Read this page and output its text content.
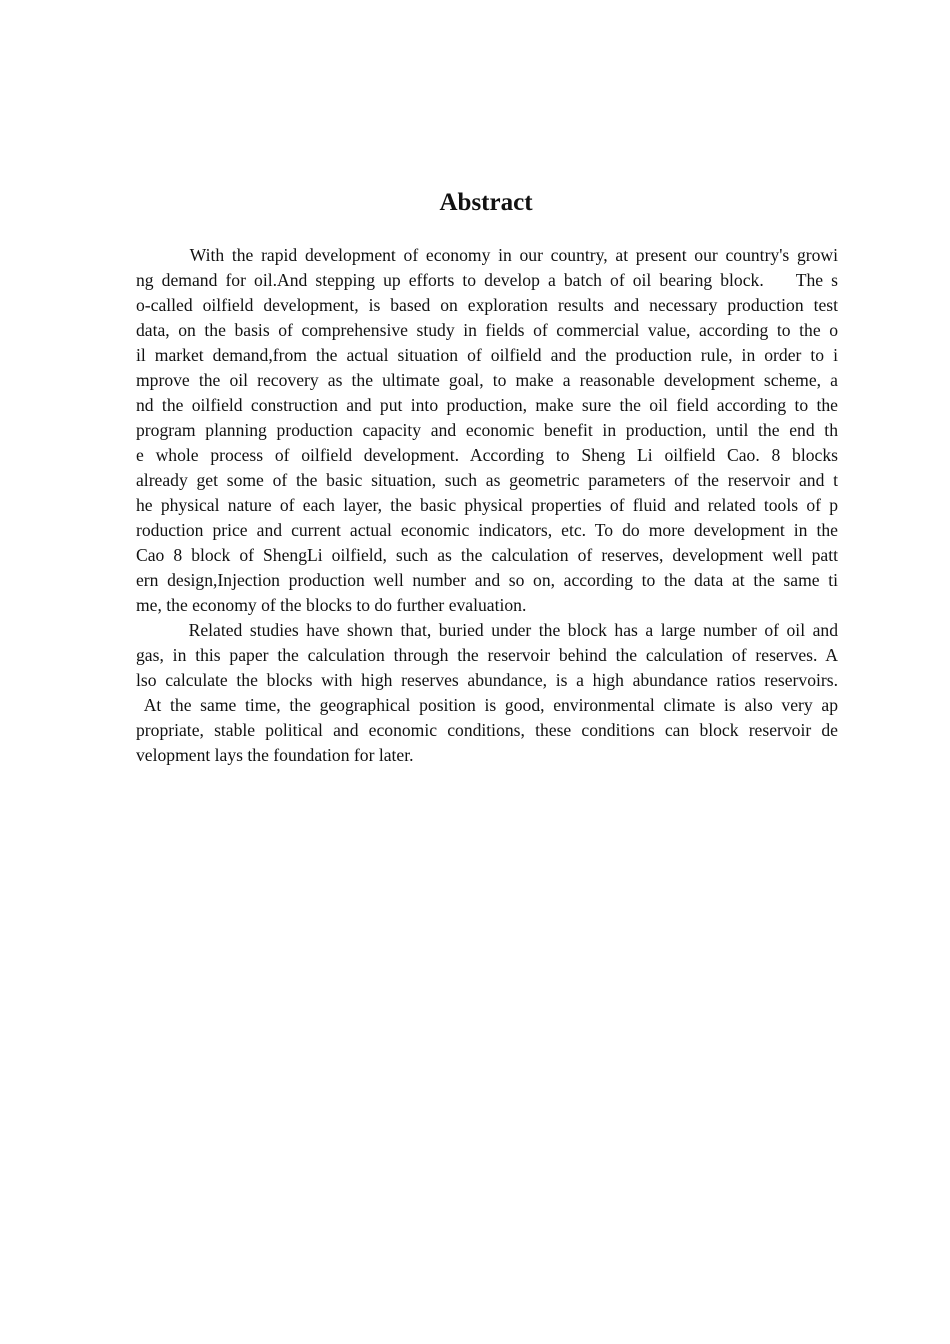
Abstract
With the rapid development of economy in our country, at present our country's growi
ng demand for oil.And stepping up efforts to develop a batch of oil bearing block.    The s
o-called oilfield development, is based on exploration results and necessary production test
data, on the basis of comprehensive study in fields of commercial value, according to the o
il market demand,from the actual situation of oilfield and the production rule, in order to i
mprove the oil recovery as the ultimate goal, to make a reasonable development scheme, a
nd the oilfield construction and put into production, make sure the oil field according to the
program planning production capacity and economic benefit in production, until the end th
e whole process of oilfield development. According to Sheng Li oilfield Cao. 8 blocks
already get some of the basic situation, such as geometric parameters of the reservoir and t
he physical nature of each layer, the basic physical properties of fluid and related tools of p
roduction price and current actual economic indicators, etc. To do more development in the
Cao 8 block of ShengLi oilfield, such as the calculation of reserves, development well patt
ern design,Injection production well number and so on, according to the data at the same ti
me, the economy of the blocks to do further evaluation.
Related studies have shown that, buried under the block has a large number of oil and
gas, in this paper the calculation through the reservoir behind the calculation of reserves. A
lso calculate the blocks with high reserves abundance, is a high abundance ratios reservoirs.
At the same time, the geographical position is good, environmental climate is also very ap
propriate, stable political and economic conditions, these conditions can block reservoir de
velopment lays the foundation for later.
